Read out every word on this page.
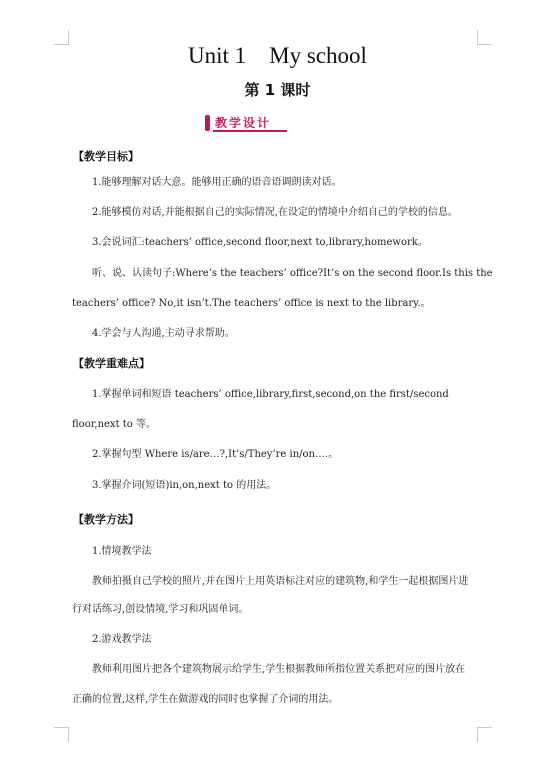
Unit 1    My school
第 1 课时
教学设计
【教学目标】
1.能够理解对话大意。能够用正确的语音语调朗读对话。
2.能够模仿对话,并能根据自己的实际情况,在设定的情境中介绍自己的学校的信息。
3.会说词汇:teachers’ office,second floor,next to,library,homework。
听、说、认读句子:Where’s the teachers’ office?It’s on the second floor.Is this the
teachers’ office? No,it isn’t.The teachers’ office is next to the library.。
4.学会与人沟通,主动寻求帮助。
【教学重难点】
1.掌握单词和短语 teachers’ office,library,first,second,on the first/second
floor,next to 等。
2.掌握句型 Where is/are…?,It’s/They’re in/on….。
3.掌握介词(短语)in,on,next to 的用法。
【教学方法】
1.情境教学法
教师拍摄自己学校的照片,并在图片上用英语标注对应的建筑物,和学生一起根据图片进
行对话练习,创设情境,学习和巩固单词。
2.游戏教学法
教师利用图片把各个建筑物展示给学生,学生根据教师所指位置关系把对应的图片放在
正确的位置,这样,学生在做游戏的同时也掌握了介词的用法。
